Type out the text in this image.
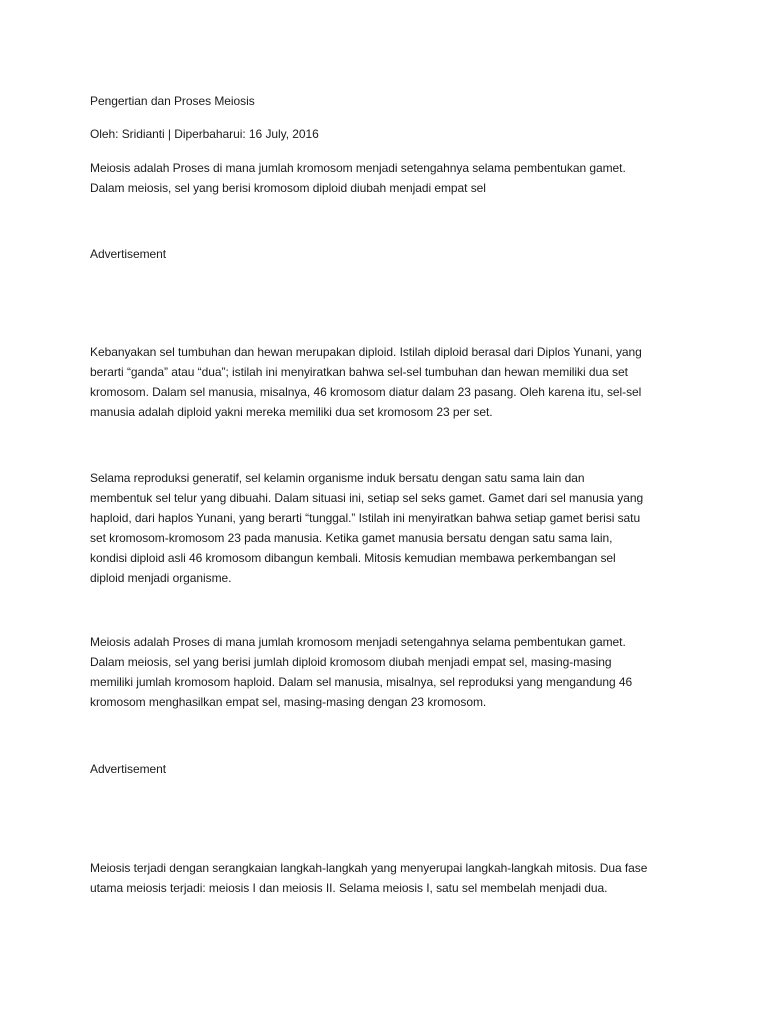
Pengertian dan Proses Meiosis
Oleh: Sridianti | Diperbaharui: 16 July, 2016
Meiosis adalah Proses di mana jumlah kromosom menjadi setengahnya selama pembentukan gamet.
Dalam meiosis, sel yang berisi kromosom diploid diubah menjadi empat sel
Advertisement
Kebanyakan sel tumbuhan dan hewan merupakan diploid. Istilah diploid berasal dari Diplos Yunani, yang
berarti “ganda” atau “dua”; istilah ini menyiratkan bahwa sel-sel tumbuhan dan hewan memiliki dua set
kromosom. Dalam sel manusia, misalnya, 46 kromosom diatur dalam 23 pasang. Oleh karena itu, sel-sel
manusia adalah diploid yakni mereka memiliki dua set kromosom 23 per set.
Selama reproduksi generatif, sel kelamin organisme induk bersatu dengan satu sama lain dan
membentuk sel telur yang dibuahi. Dalam situasi ini, setiap sel seks gamet. Gamet dari sel manusia yang
haploid, dari haplos Yunani, yang berarti “tunggal.” Istilah ini menyiratkan bahwa setiap gamet berisi satu
set kromosom-kromosom 23 pada manusia. Ketika gamet manusia bersatu dengan satu sama lain,
kondisi diploid asli 46 kromosom dibangun kembali. Mitosis kemudian membawa perkembangan sel
diploid menjadi organisme.
Meiosis adalah Proses di mana jumlah kromosom menjadi setengahnya selama pembentukan gamet.
Dalam meiosis, sel yang berisi jumlah diploid kromosom diubah menjadi empat sel, masing-masing
memiliki jumlah kromosom haploid. Dalam sel manusia, misalnya, sel reproduksi yang mengandung 46
kromosom menghasilkan empat sel, masing-masing dengan 23 kromosom.
Advertisement
Meiosis terjadi dengan serangkaian langkah-langkah yang menyerupai langkah-langkah mitosis. Dua fase
utama meiosis terjadi: meiosis I dan meiosis II. Selama meiosis I, satu sel membelah menjadi dua.
